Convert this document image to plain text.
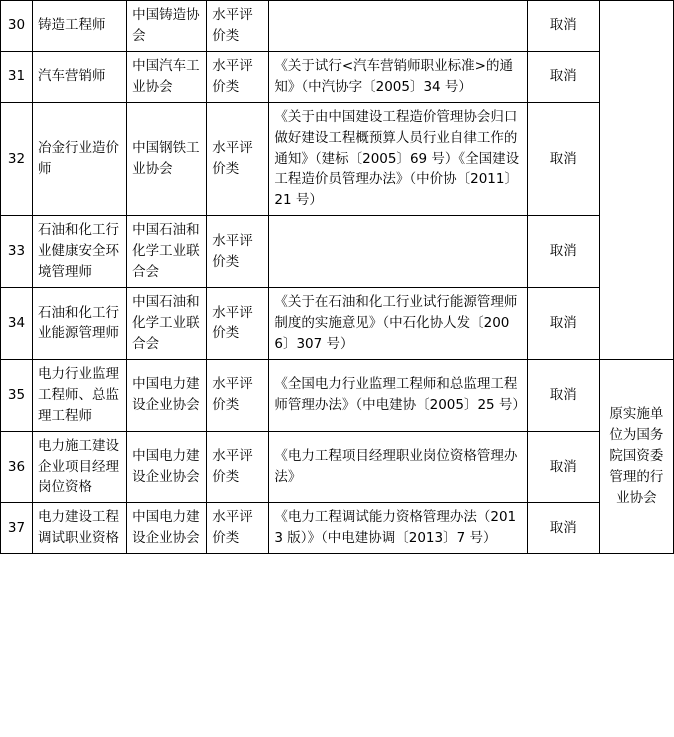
30	铸造工程师	中国铸造协会	水平评价类		取消	
31	汽车营销师	中国汽车工业协会	水平评价类	《关于试行<汽车营销师职业标准>的通知》（中汽协字〔2005〕34 号）	取消	
32	冶金行业造价师	中国钢铁工业协会	水平评价类	《关于由中国建设工程造价管理协会归口做好建设工程概预算人员行业自律工作的通知》（建标〔2005〕69 号）《全国建设工程造价员管理办法》（中价协〔2011〕21 号）	取消	
33	石油和化工行业健康安全环境管理师	中国石油和化学工业联合会	水平评价类		取消	
34	石油和化工行业能源管理师	中国石油和化学工业联合会	水平评价类	《关于在石油和化工行业试行能源管理师制度的实施意见》（中石化协人发〔2006〕307 号）	取消	
35	电力行业监理工程师、总监理工程师	中国电力建设企业协会	水平评价类	《全国电力行业监理工程师和总监理工程师管理办法》（中电建协〔2005〕25 号）	取消	原实施单位为国务院国资委管理的行业协会
36	电力施工建设企业项目经理岗位资格	中国电力建设企业协会	水平评价类	《电力工程项目经理职业岗位资格管理办法》	取消	
37	电力建设工程调试职业资格	中国电力建设企业协会	水平评价类	《电力工程调试能力资格管理办法（2013 版）》（中电建协调〔2013〕7 号）	取消	
